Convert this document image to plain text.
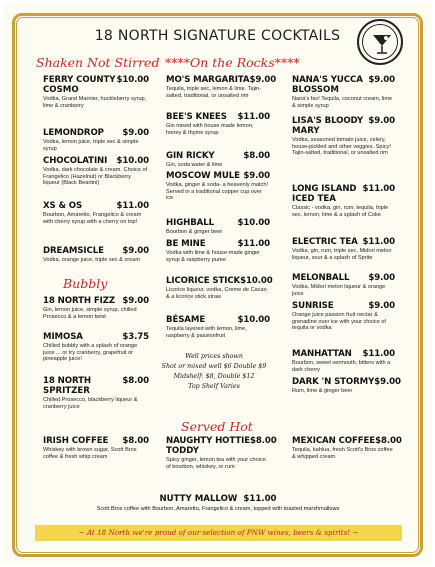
18 NORTH SIGNATURE COCKTAILS
Shaken Not Stirred ****On the Rocks****
Bubbly
Served Hot
FERRY COUNTY $10.00
COSMO
Vodka, Grand Marnier, huckleberry syrup, lime & cranberry
LEMONDROP $9.00
Vodka, lemon juice, triple sec & simple syrup
CHOCOLATINI $10.00
Vodka, dark chocolate & cream. Choice of Frangelico (Hazelnut) or Blackberry liqueur (Black Beartini)
XS & OS	$11.00
Bourbon, Amaretto, Frangelico & cream with cherry syrup with a cherry on top!
DREAMSICLE $9.00
Vodka, orange juice, triple sec & cream
18 NORTH FIZZ $9.00
Gin, lemon juice, simple syrup, chilled Prosecco & a lemon twist
MIMOSA	$3.75
Chilled bubbly with a splash of orange juice ... or try cranberry, grapefruit or pineapple juice!
18 NORTH	$8.00
SPRITZER
Chilled Prosecco, blackberry liqueur & cranberry juice
MO'S MARGARITA $9.00
Tequila, triple sec, lemon & lime. Tajin-salted, traditional, or unsalted rim
BEE'S KNEES $11.00
Gin mixed with house made lemon, honey & thyme syrup
GIN RICKY	$8.00
Gin, soda water & lime
MOSCOW MULE $9.00
Vodka, ginger & soda- a heavenly match! Served in a traditional copper cup over ice
HIGHBALL	$10.00
Bourbon & ginger beer
BE MINE	$11.00
Vodka with lime & house-made ginger syrup & raspberry puree
LICORICE STICK $10.00
Licorice liqueur, vodka, Creme de Cacao & a licorice stick straw
BÉSAME	$10.00
Tequila layered with lemon, lime, raspberry & passionfruit
Well prices shown
Shot or mixed well $6 Double $9
Midshelf: $8, Double $12
Top Shelf Varies
NANA'S YUCCA $9.00
BLOSSOM
Nana's fav! Tequila, coconut cream, lime & simple syrup
LISA'S BLOODY $9.00
MARY
Vodka, seasoned tomato juice, celery, house-pickled and other veggies. Spicy! Tajin-salted, traditional, or unsalted rim
LONG ISLAND $11.00
ICED TEA
Classic - vodka, gin, rum, tequila, triple sec, lemon, lime & a splash of Coke
ELECTRIC TEA $11.00
Vodka, gin, rum, triple sec, Midori melon liqueur, sour & a splash of Sprite
MELONBALL $9.00
Vodka, Midori melon liqueur & orange juice
SUNRISE	$9.00
Orange juice passion fruit nectar & grenadine over ice with your choice of tequila or vodka
MANHATTAN $11.00
Bourbon, sweet vermouth, bitters with a dark cherry
DARK 'N STORMY $9.00
Rum, lime & ginger beer
IRISH COFFEE $8.00
Whiskey with brown sugar, Scott Bros coffee & fresh whip cream
NAUGHTY HOTTIE $8.00
TODDY
Spicy ginger, lemon tea with your choice of bourbon, whiskey, or rum
MEXICAN COFFEE $8.00
Tequila, kahlua, fresh Scott's Bros coffee & whipped cream
NUTTY MALLOW $11.00
Scott Bros coffee with Bourbon, Amaretto, Frangelico & cream, topped with toasted marshmallows
~ At 18 North we're proud of our selection of PNW wines, beers & spirits! ~
